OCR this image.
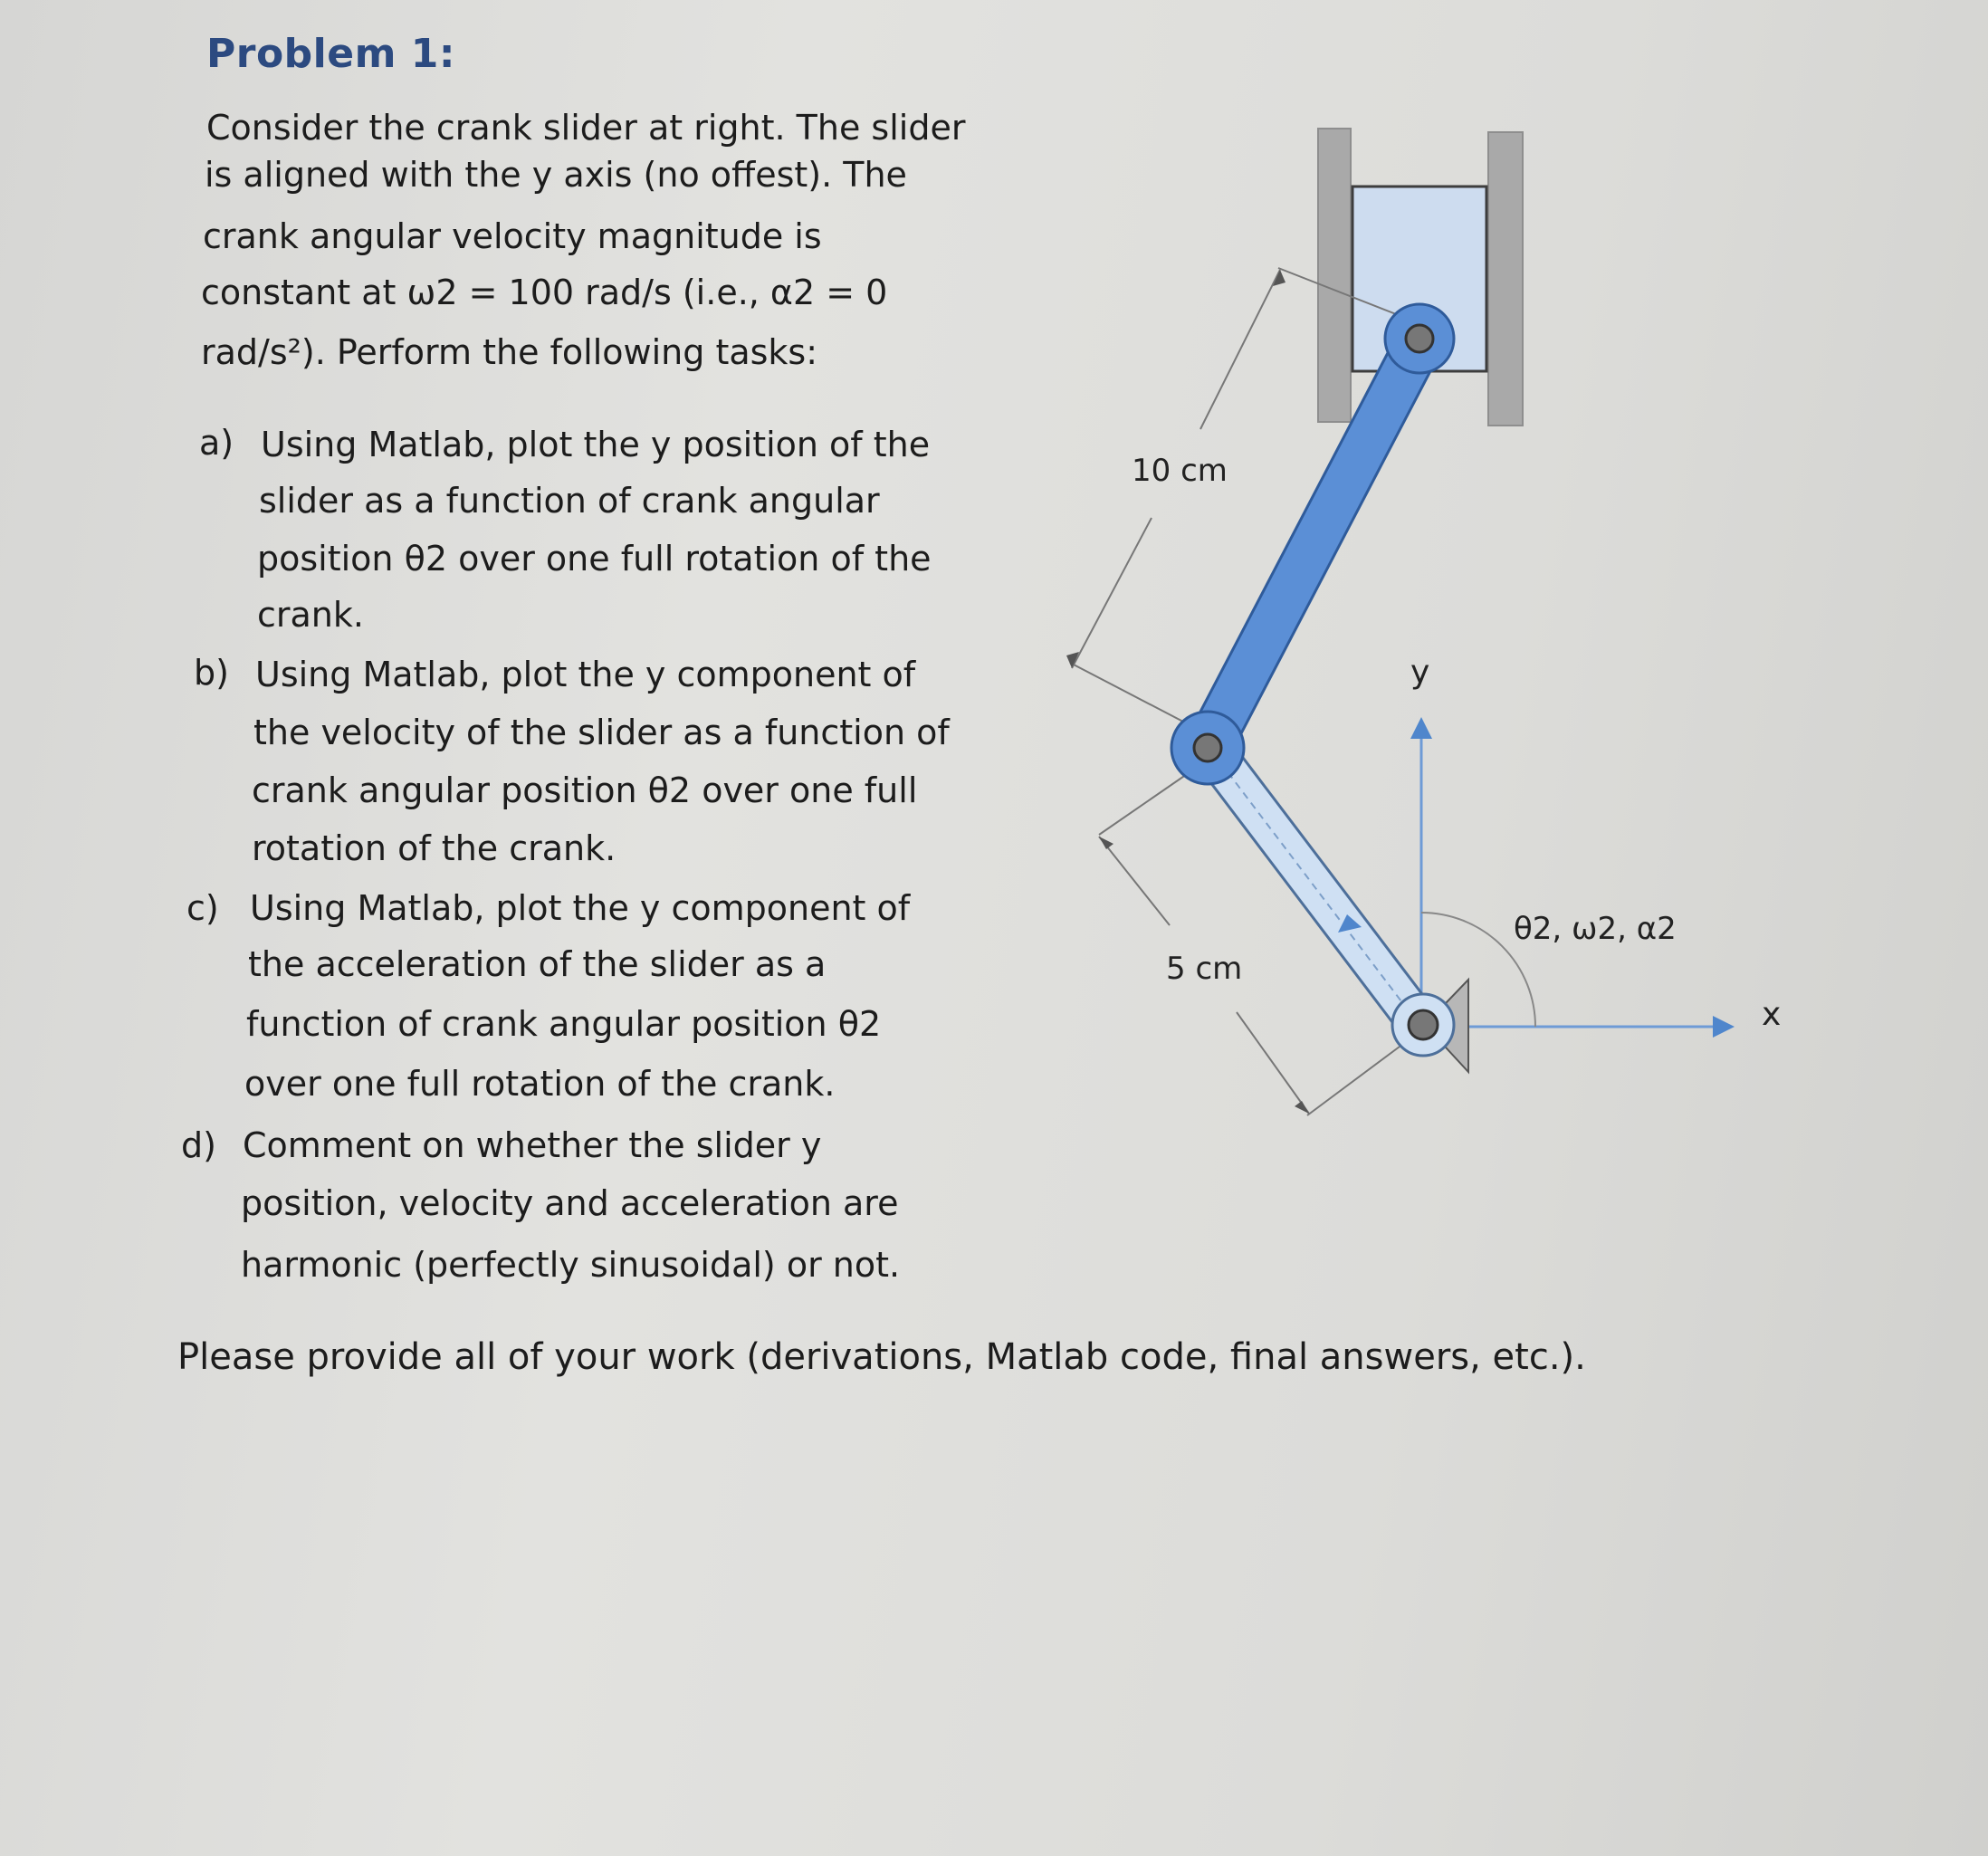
Problem 1:
Consider the crank slider at right. The slider
is aligned with the y axis (no offest). The
crank angular velocity magnitude is
constant at ω2 = 100 rad/s (i.e., α2 = 0
rad/s²). Perform the following tasks:
a) Using Matlab, plot the y position of the
slider as a function of crank angular
position θ2 over one full rotation of the
crank.
b) Using Matlab, plot the y component of
the velocity of the slider as a function of
crank angular position θ2 over one full
rotation of the crank.
c) Using Matlab, plot the y component of
the acceleration of the slider as a
function of crank angular position θ2
over one full rotation of the crank.
d) Comment on whether the slider y
position, velocity and acceleration are
harmonic (perfectly sinusoidal) or not.
Please provide all of your work (derivations, Matlab code, final answers, etc.).
10 cm
5 cm
y
x
θ2, ω2, α2
